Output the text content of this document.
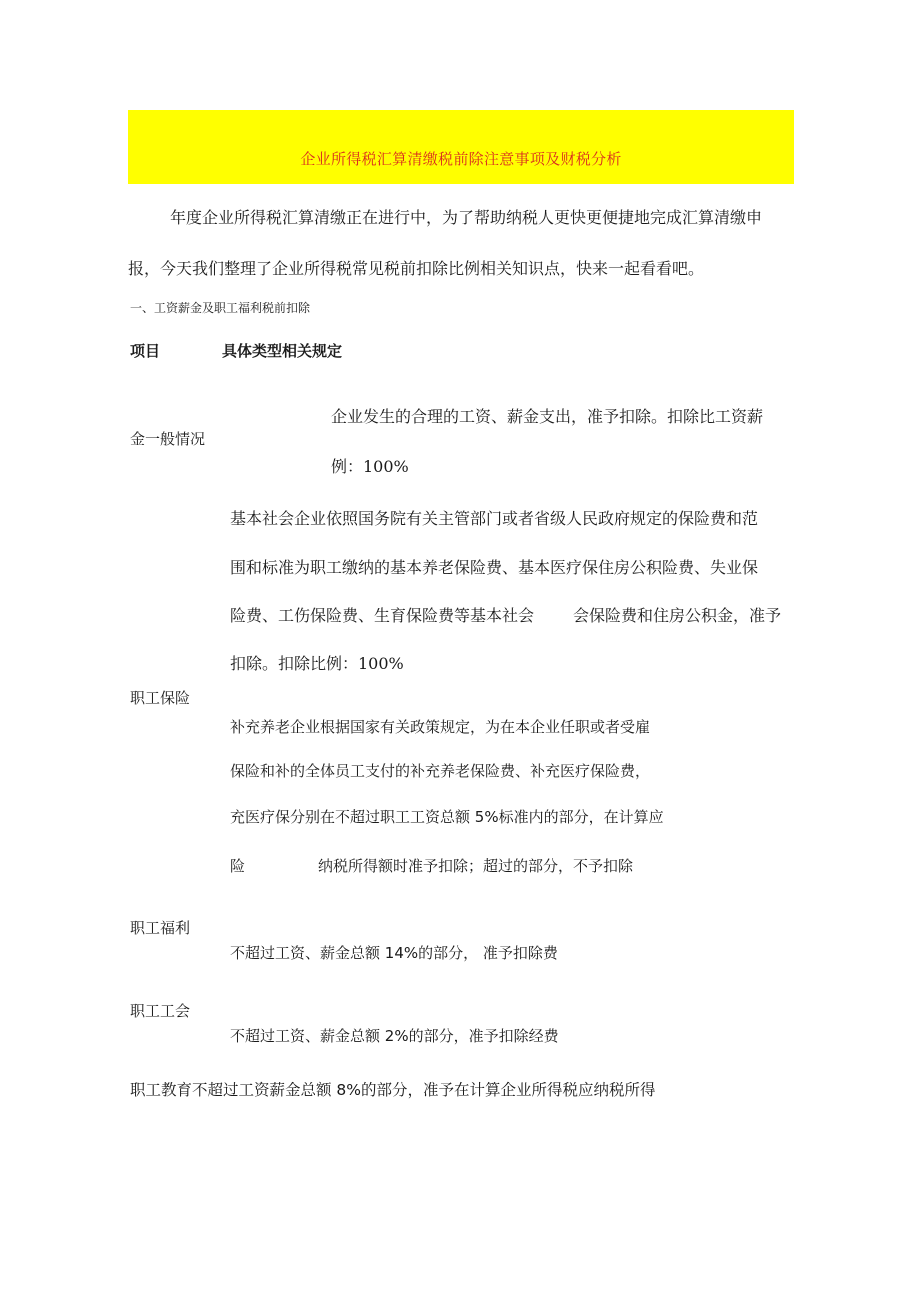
企业所得税汇算清缴税前除注意事项及财税分析
年度企业所得税汇算清缴正在进行中，为了帮助纳税人更快更便捷地完成汇算清缴申
报，今天我们整理了企业所得税常见税前扣除比例相关知识点，快来一起看看吧。
一、工资薪金及职工福利税前扣除
项目	具体类型相关规定
企业发生的合理的工资、薪金支出，准予扣除。扣除比工资薪
金一般情况
例：100%
基本社会企业依照国务院有关主管部门或者省级人民政府规定的保险费和范
围和标准为职工缴纳的基本养老保险费、基本医疗保住房公积险费、失业保
险费、工伤保险费、生育保险费等基本社会 会保险费和住房公积金，准予
扣除。扣除比例：100%
职工保险
补充养老企业根据国家有关政策规定，为在本企业任职或者受雇
保险和补的全体员工支付的补充养老保险费、补充医疗保险费，
充医疗保分别在不超过职工工资总额 5%标准内的部分，在计算应
险	纳税所得额时准予扣除；超过的部分，不予扣除
职工福利
不超过工资、薪金总额 14%的部分， 准予扣除费
职工工会
不超过工资、薪金总额 2%的部分，准予扣除经费
职工教育不超过工资薪金总额 8%的部分，准予在计算企业所得税应纳税所得
